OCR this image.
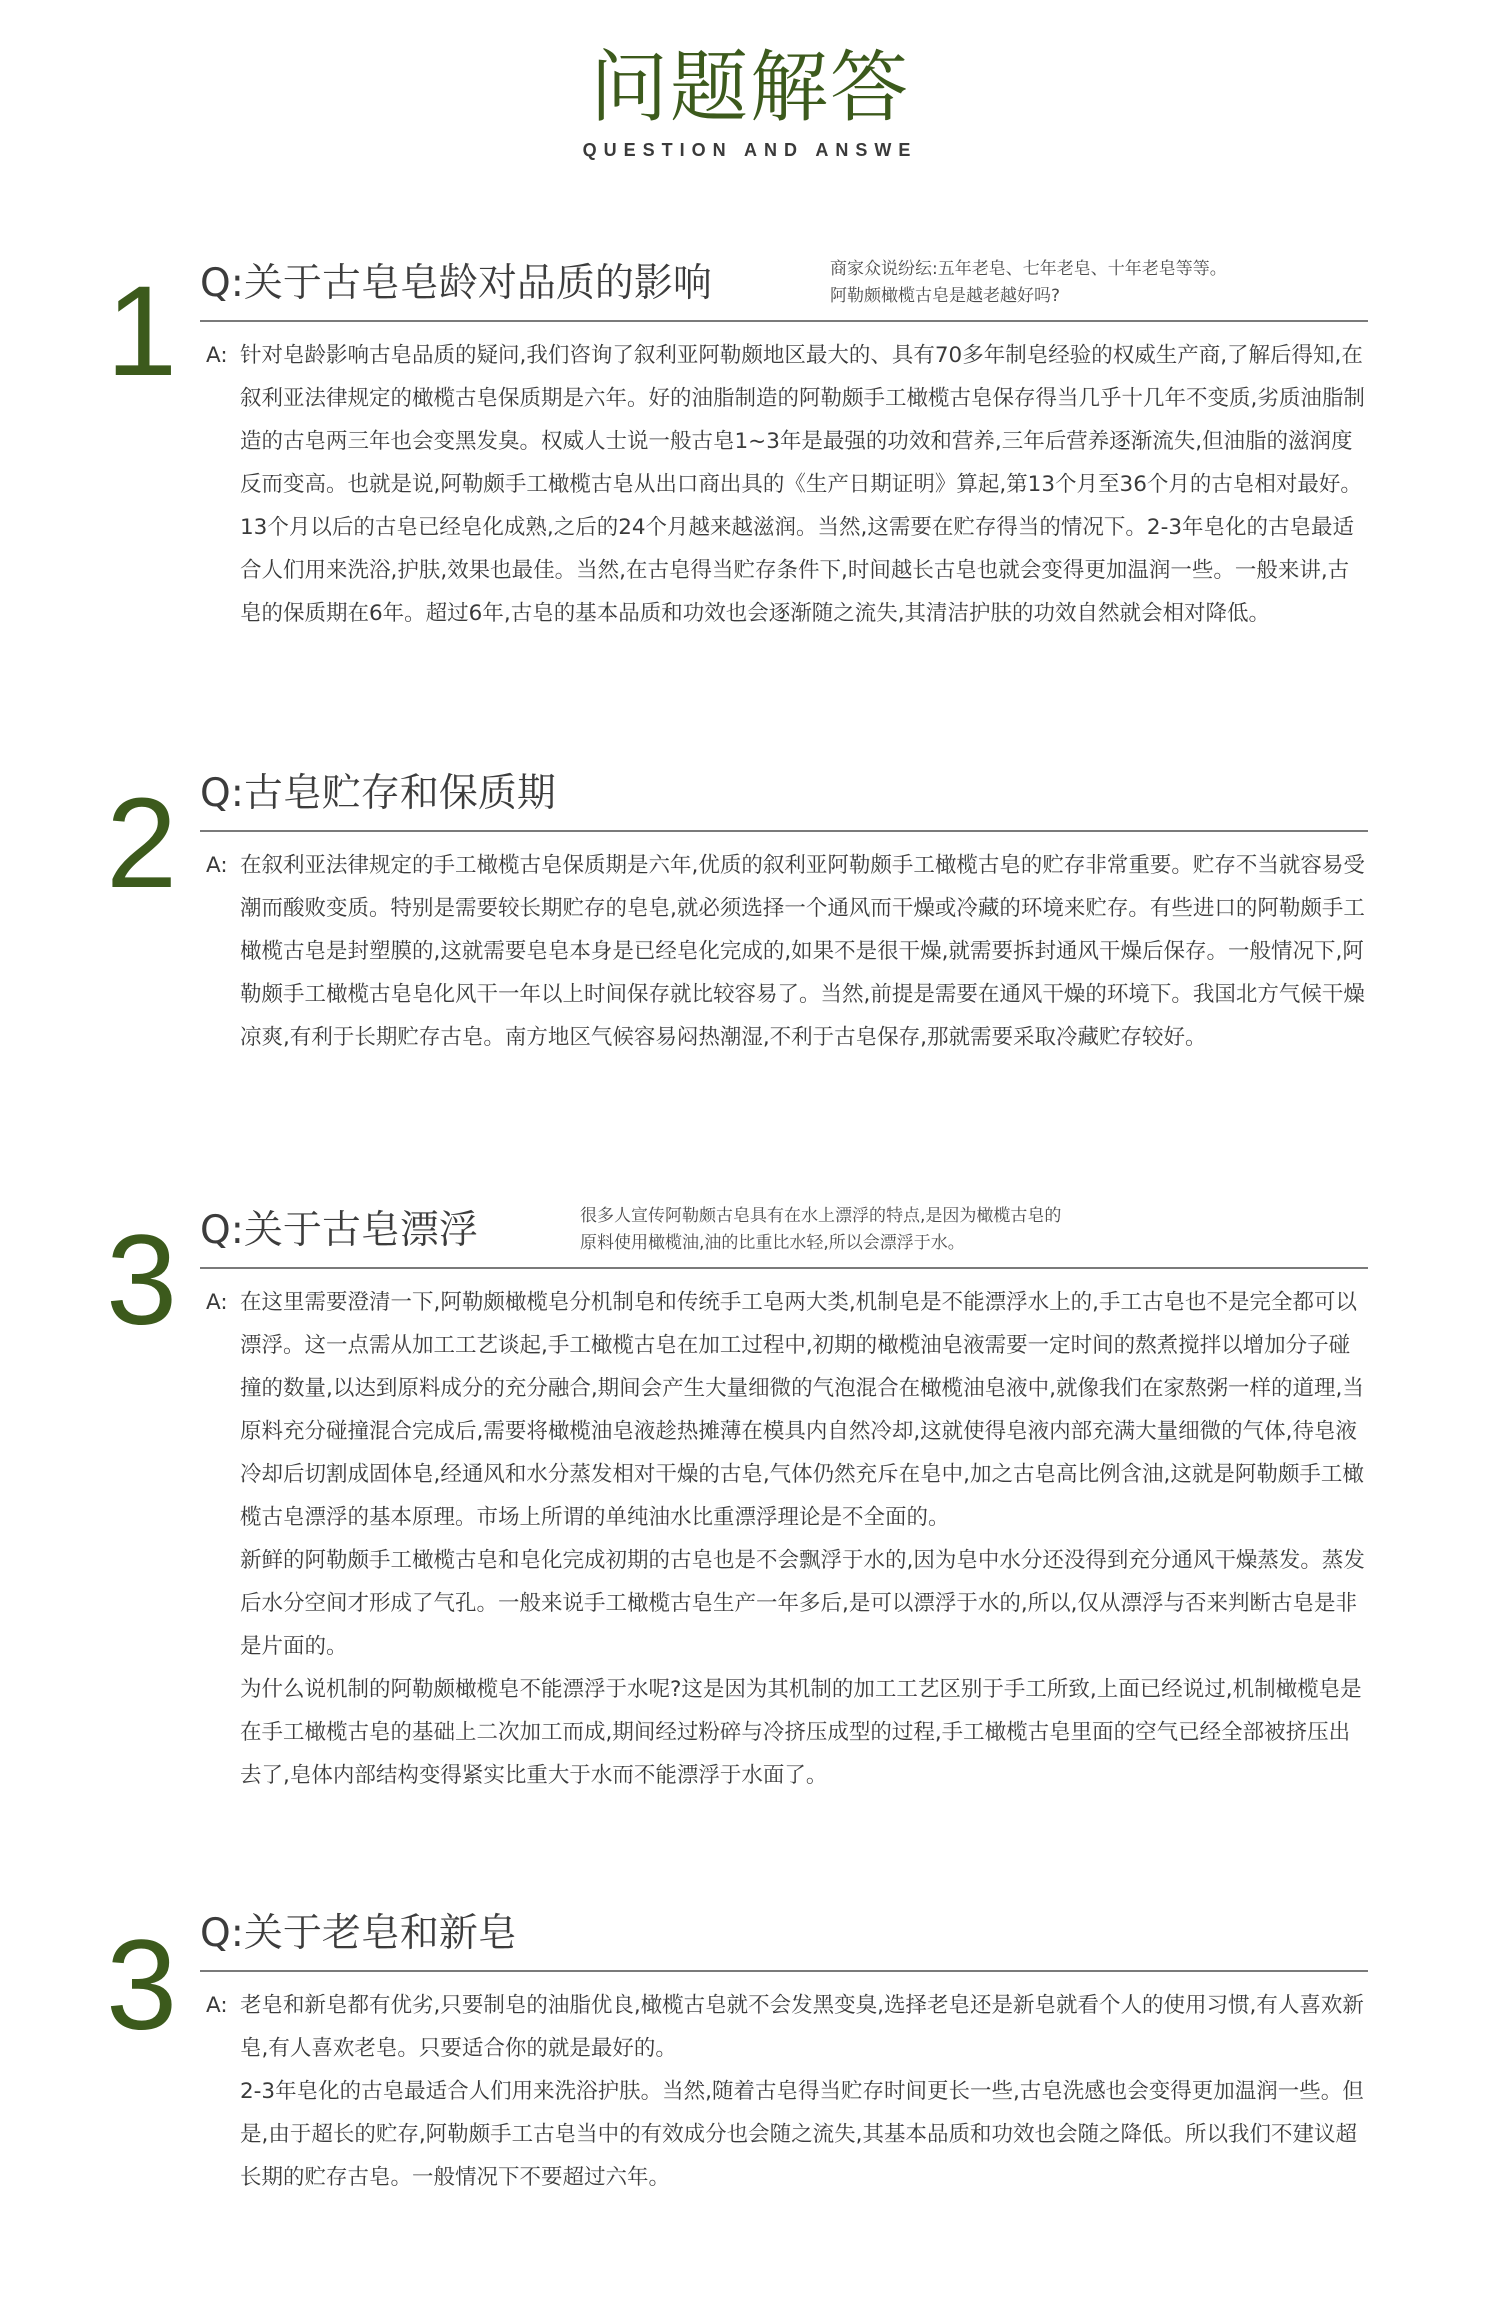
问题解答
QUESTION AND ANSWE
1 Q:关于古皂皂龄对品质的影响	商家众说纷纭:五年老皂、七年老皂、十年老皂等等。
阿勒颇橄榄古皂是越老越好吗?

A: 针对皂龄影响古皂品质的疑问,我们咨询了叙利亚阿勒颇地区最大的、具有70多年制皂经验的权威生产商,了解后得知,在叙利亚法律规定的橄榄古皂保质期是六年。好的油脂制造的阿勒颇手工橄榄古皂保存得当几乎十几年不变质,劣质油脂制造的古皂两三年也会变黑发臭。权威人士说一般古皂1~3年是最强的功效和营养,三年后营养逐渐流失,但油脂的滋润度反而变高。也就是说,阿勒颇手工橄榄古皂从出口商出具的《生产日期证明》算起,第13个月至36个月的古皂相对最好。13个月以后的古皂已经皂化成熟,之后的24个月越来越滋润。当然,这需要在贮存得当的情况下。2-3年皂化的古皂最适合人们用来洗浴,护肤,效果也最佳。当然,在古皂得当贮存条件下,时间越长古皂也就会变得更加温润一些。一般来讲,古皂的保质期在6年。超过6年,古皂的基本品质和功效也会逐渐随之流失,其清洁护肤的功效自然就会相对降低。

2 Q:古皂贮存和保质期

A: 在叙利亚法律规定的手工橄榄古皂保质期是六年,优质的叙利亚阿勒颇手工橄榄古皂的贮存非常重要。贮存不当就容易受潮而酸败变质。特别是需要较长期贮存的皂皂,就必须选择一个通风而干燥或冷藏的环境来贮存。有些进口的阿勒颇手工橄榄古皂是封塑膜的,这就需要皂皂本身是已经皂化完成的,如果不是很干燥,就需要拆封通风干燥后保存。一般情况下,阿勒颇手工橄榄古皂皂化风干一年以上时间保存就比较容易了。当然,前提是需要在通风干燥的环境下。我国北方气候干燥凉爽,有利于长期贮存古皂。南方地区气候容易闷热潮湿,不利于古皂保存,那就需要采取冷藏贮存较好。

3 Q:关于古皂漂浮	很多人宣传阿勒颇古皂具有在水上漂浮的特点,是因为橄榄古皂的
原料使用橄榄油,油的比重比水轻,所以会漂浮于水。

A: 在这里需要澄清一下,阿勒颇橄榄皂分机制皂和传统手工皂两大类,机制皂是不能漂浮水上的,手工古皂也不是完全都可以漂浮。这一点需从加工工艺谈起,手工橄榄古皂在加工过程中,初期的橄榄油皂液需要一定时间的熬煮搅拌以增加分子碰撞的数量,以达到原料成分的充分融合,期间会产生大量细微的气泡混合在橄榄油皂液中,就像我们在家熬粥一样的道理,当原料充分碰撞混合完成后,需要将橄榄油皂液趁热摊薄在模具内自然冷却,这就使得皂液内部充满大量细微的气体,待皂液冷却后切割成固体皂,经通风和水分蒸发相对干燥的古皂,气体仍然充斥在皂中,加之古皂高比例含油,这就是阿勒颇手工橄榄古皂漂浮的基本原理。市场上所谓的单纯油水比重漂浮理论是不全面的。

新鲜的阿勒颇手工橄榄古皂和皂化完成初期的古皂也是不会飘浮于水的,因为皂中水分还没得到充分通风干燥蒸发。蒸发后水分空间才形成了气孔。一般来说手工橄榄古皂生产一年多后,是可以漂浮于水的,所以,仅从漂浮与否来判断古皂是非是片面的。

为什么说机制的阿勒颇橄榄皂不能漂浮于水呢?这是因为其机制的加工工艺区别于手工所致,上面已经说过,机制橄榄皂是在手工橄榄古皂的基础上二次加工而成,期间经过粉碎与冷挤压成型的过程,手工橄榄古皂里面的空气已经全部被挤压出去了,皂体内部结构变得紧实比重大于水而不能漂浮于水面了。

3 Q:关于老皂和新皂

A: 老皂和新皂都有优劣,只要制皂的油脂优良,橄榄古皂就不会发黑变臭,选择老皂还是新皂就看个人的使用习惯,有人喜欢新皂,有人喜欢老皂。只要适合你的就是最好的。

2-3年皂化的古皂最适合人们用来洗浴护肤。当然,随着古皂得当贮存时间更长一些,古皂洗感也会变得更加温润一些。但是,由于超长的贮存,阿勒颇手工古皂当中的有效成分也会随之流失,其基本品质和功效也会随之降低。所以我们不建议超长期的贮存古皂。一般情况下不要超过六年。
